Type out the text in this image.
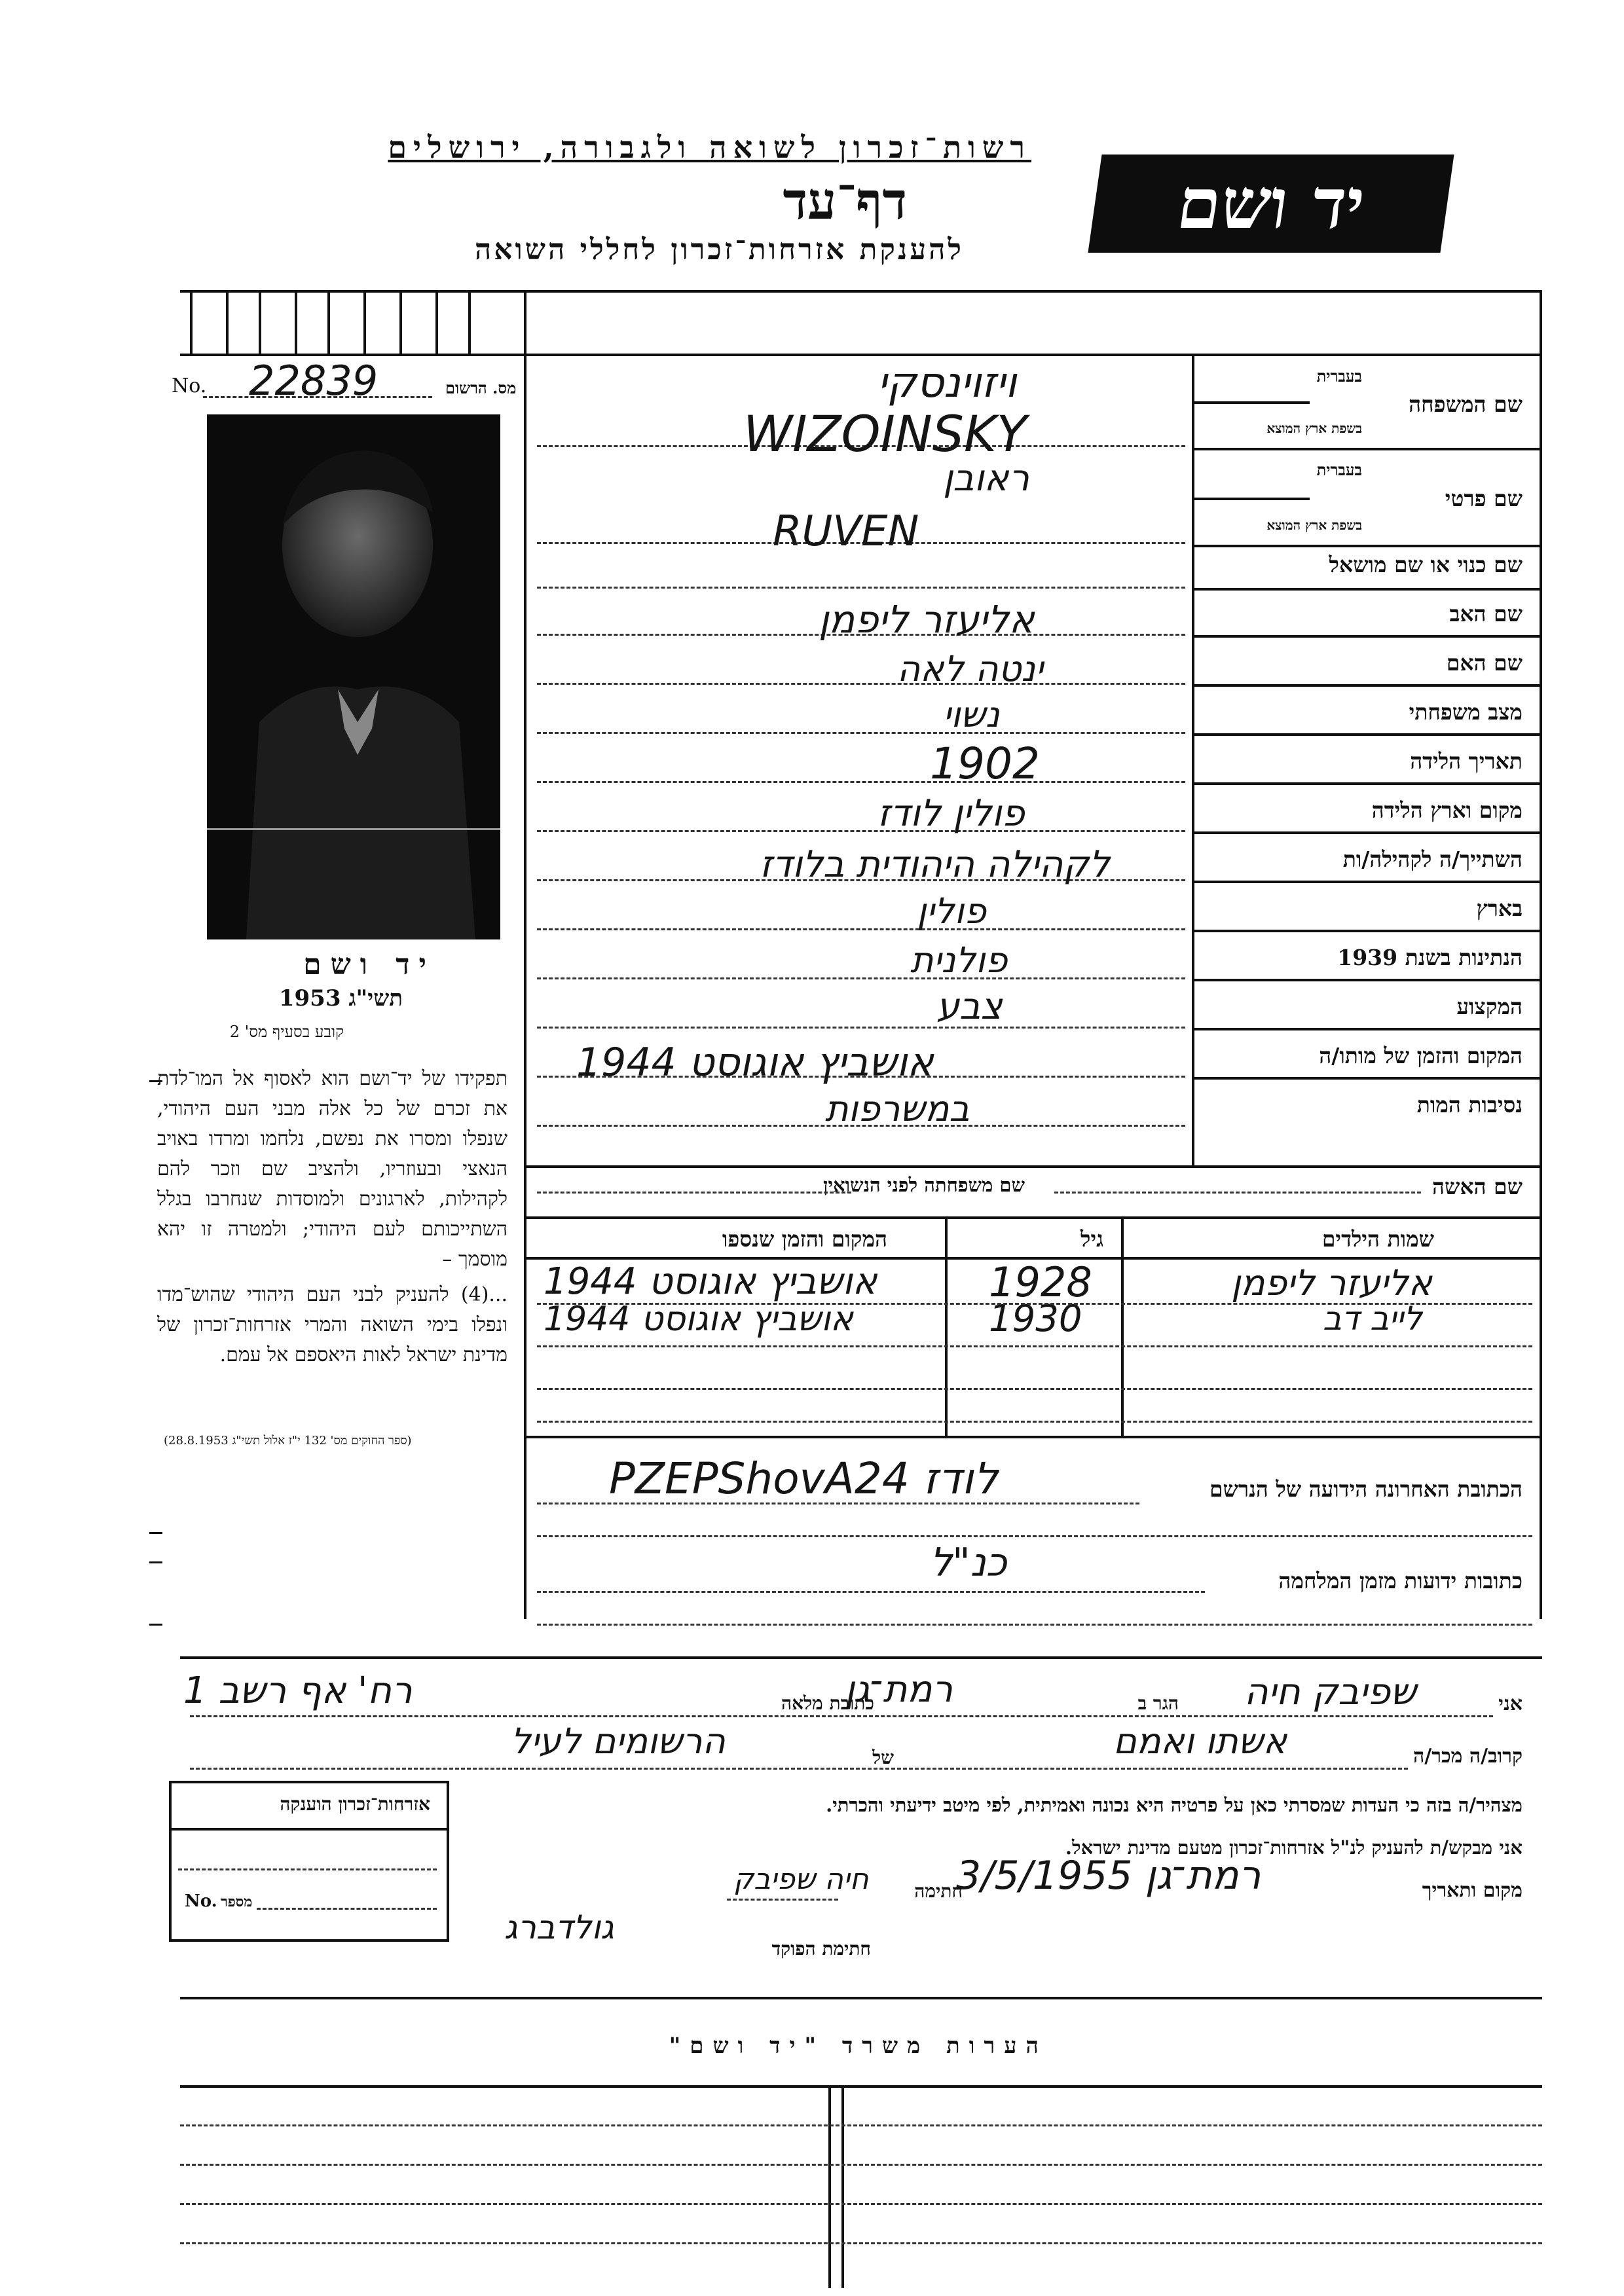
רשות־זכרון לשואה ולגבורה, ירושלים
דף־עד
להענקת אזרחות־זכרון לחללי השואה
יד ושם
No. 22839	מס. הרשום
יד ושם
תשי"ג 1953
קובע בסעיף מס' 2
תפקידו של יד־ושם הוא לאסוף אל המו־לדת את זכרם של כל אלה מבני העם היהודי, שנפלו ומסרו את נפשם, נלחמו ומרדו באויב הנאצי ובעוזריו, ולהציב שם וזכר להם לקהילות, לארגונים ולמוסדות שנחרבו בגלל השתייכותם לעם היהודי; ולמטרה זו יהא מוסמך –
...(4) להעניק לבני העם היהודי שהוש־מדו ונפלו בימי השואה והמרי אזרחות־זכרון של מדינת ישראל לאות היאספם אל עמם.
(ספר החוקים מס' 132 י"ז אלול תשי"ג 28.8.1953)
שם המשפחה
בעברית
בשפת ארץ המוצא
שם פרטי
בעברית
בשפת ארץ המוצא
שם כנוי או שם מושאל
שם האב
שם האם
מצב משפחתי
תאריך הלידה
מקום וארץ הלידה
השתייך/ה לקהילה/ות
בארץ
הנתינות בשנת 1939
המקצוע
המקום והזמן של מותו/ה
נסיבות המות
ויזוינסקי
WIZOINSKY
ראובן
RUVEN
אליעזר ליפמן
ינטה לאה
נשוי
1902
פולין לודז
לקהילה היהודית בלודז
פולין
פולנית
צבע
אושביץ אוגוסט 1944
במשרפות
שם האשה
שם משפחתה לפני הנשואין
שמות הילדים
גיל
המקום והזמן שנספו
אליעזר ליפמן
1928
אושביץ אוגוסט 1944
לייב דב
1930
אושביץ אוגוסט 1944
הכתובת האחרונה הידועה של הנרשם
PZEPShovA24 לודז
כתובות ידועות מזמן המלחמה
כנ"ל
אני
שפיבק חיה
הגר ב
רמת־גן
כתובת מלאה
רח' אף רשב 1
קרוב/ה מכר/ה
אשתו ואמם
של
הרשומים לעיל
מצהיר/ה בזה כי העדות שמסרתי כאן על פרטיה היא נכונה ואמיתית, לפי מיטב ידיעתי והכרתי.
אני מבקש/ת להעניק לנ"ל אזרחות־זכרון מטעם מדינת ישראל.
מקום ותאריך
רמת־גן 3/5/1955
חתימה
חיה שפיבק
חתימת הפוקד
גולדברג
אזרחות־זכרון הוענקה
No. מספר
הערות משרד "יד ושם"
